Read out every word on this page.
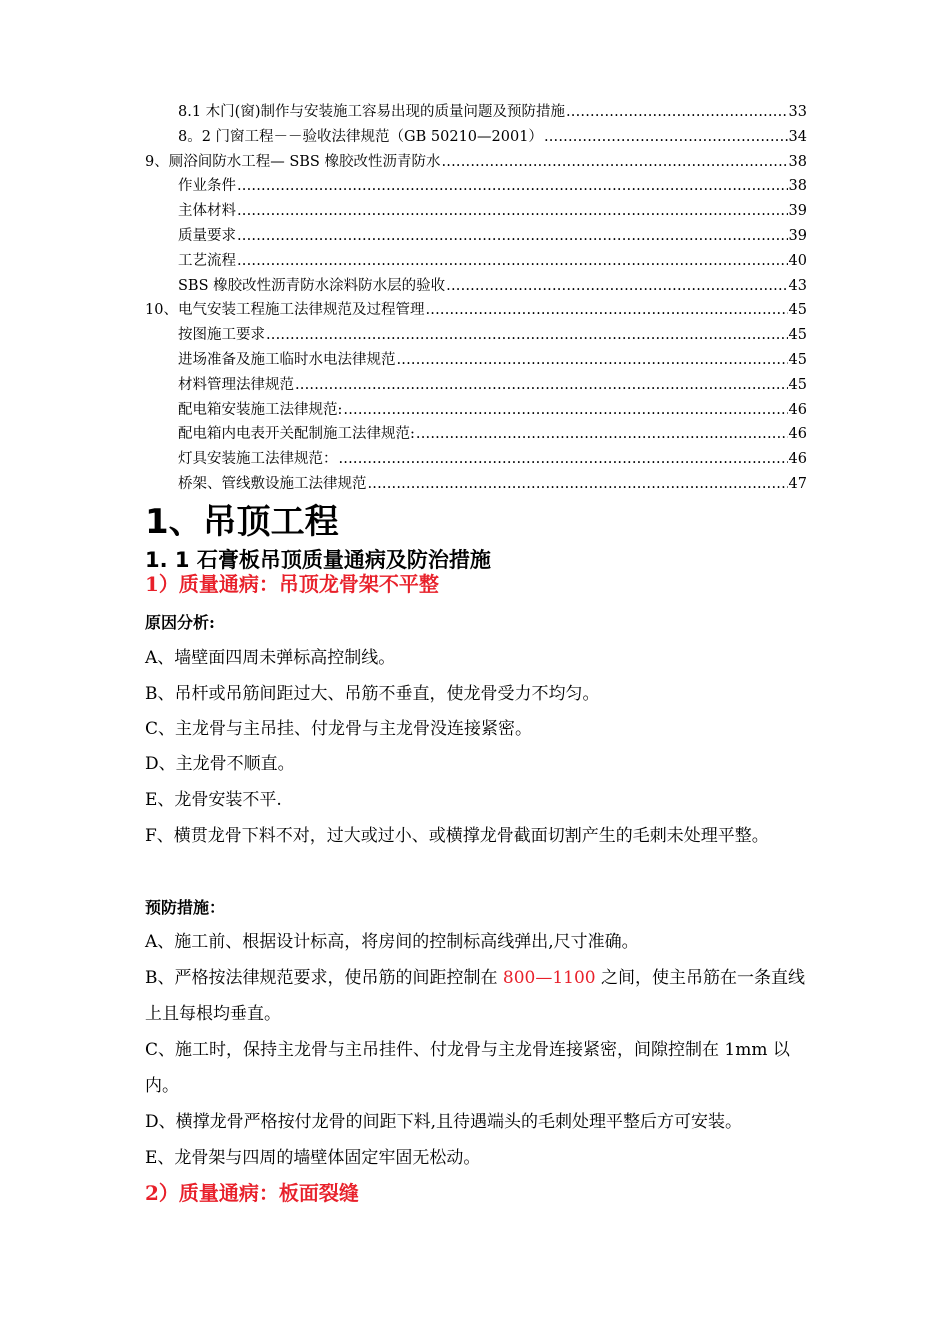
8.1 木门(窗)制作与安装施工容易出现的质量问题及预防措施 .....	33
8。2 门窗工程－－验收法律规范（GB 50210—2001） .....	34
9、厕浴间防水工程— SBS 橡胶改性沥青防水 .....	38
作业条件 .....	38
主体材料 .....	39
质量要求 .....	39
工艺流程 .....	40
SBS 橡胶改性沥青防水涂料防水层的验收 .....	43
10、电气安装工程施工法律规范及过程管理 .....	45
按图施工要求 .....	45
进场准备及施工临时水电法律规范 .....	45
材料管理法律规范 .....	45
配电箱安装施工法律规范: .....	46
配电箱内电表开关配制施工法律规范: .....	46
灯具安装施工法律规范： .....	46
桥架、管线敷设施工法律规范 .....	47
1、吊顶工程
1. 1 石膏板吊顶质量通病及防治措施
1）质量通病：吊顶龙骨架不平整
原因分析:
A、墙壁面四周未弹标高控制线。
B、吊杆或吊筋间距过大、吊筋不垂直，使龙骨受力不均匀。
C、主龙骨与主吊挂、付龙骨与主龙骨没连接紧密。
D、主龙骨不顺直。
E、龙骨安装不平.
F、横贯龙骨下料不对，过大或过小、或横撑龙骨截面切割产生的毛刺未处理平整。
预防措施：
A、施工前、根据设计标高，将房间的控制标高线弹出,尺寸准确。
B、严格按法律规范要求，使吊筋的间距控制在 800—1100 之间，使主吊筋在一条直线上且每根均垂直。
C、施工时，保持主龙骨与主吊挂件、付龙骨与主龙骨连接紧密，间隙控制在 1mm 以内。
D、横撑龙骨严格按付龙骨的间距下料,且待遇端头的毛刺处理平整后方可安装。
E、龙骨架与四周的墙壁体固定牢固无松动。
2）质量通病：板面裂缝
